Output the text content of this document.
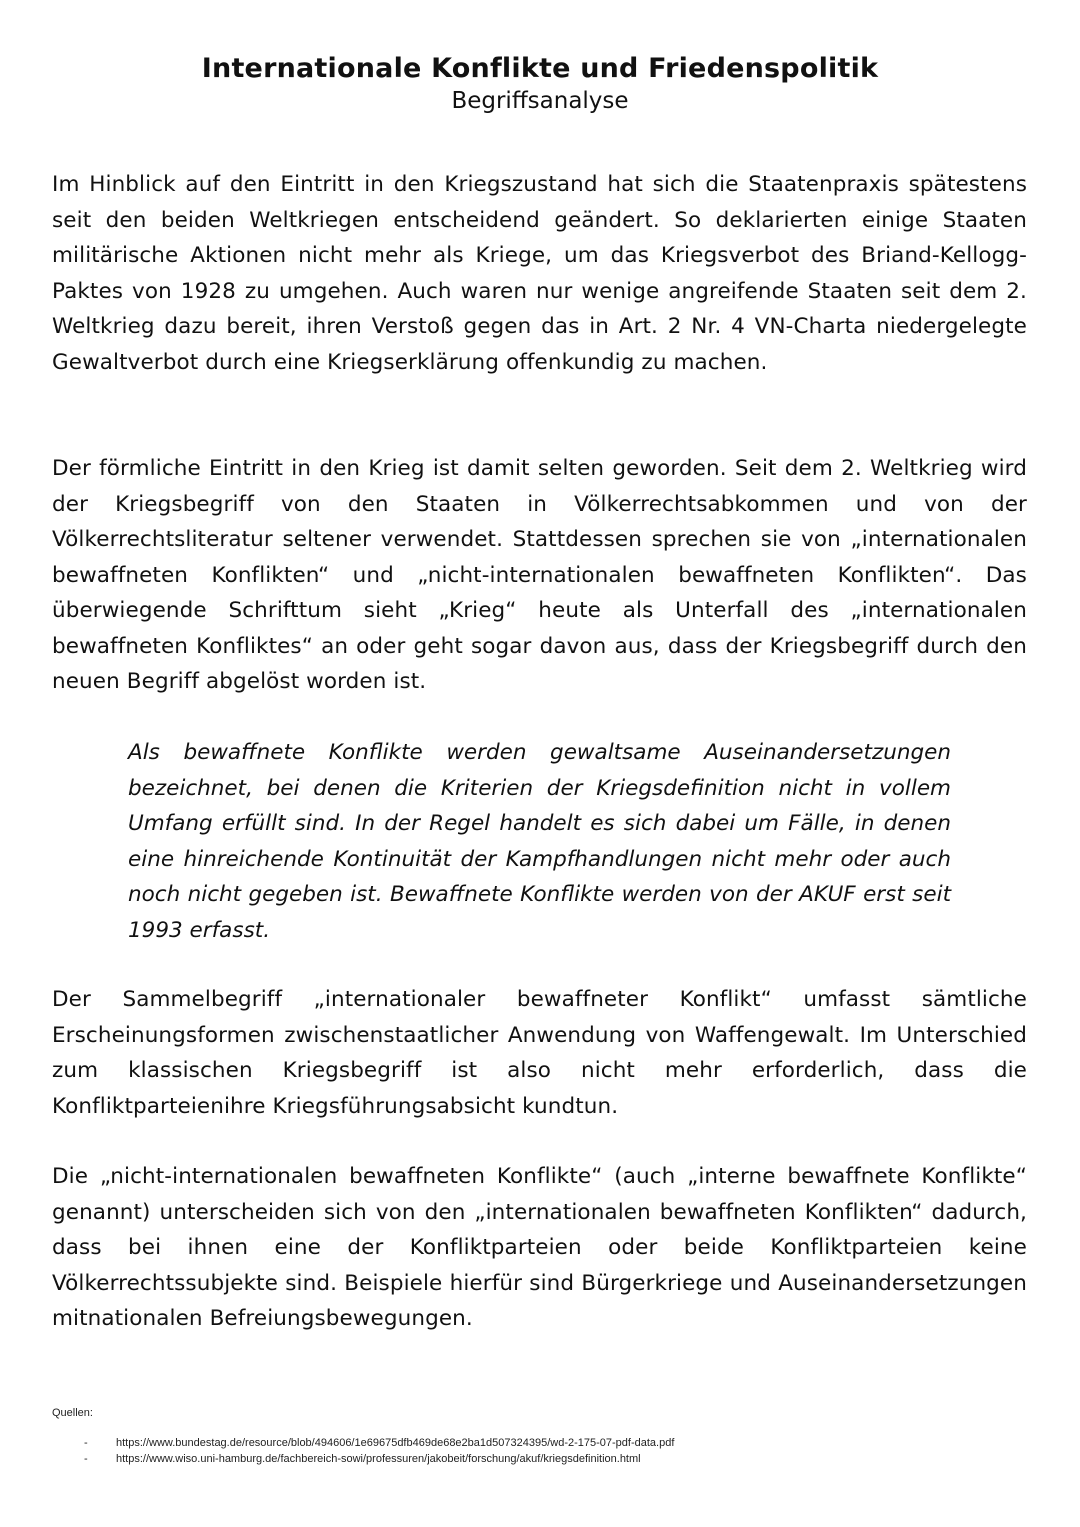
Internationale Konflikte und Friedenspolitik

Begriffsanalyse

Im Hinblick auf den Eintritt in den Kriegszustand hat sich die Staatenpraxis spätestens seit den beiden Weltkriegen entscheidend geändert. So deklarierten einige Staaten militärische Aktionen nicht mehr als Kriege, um das Kriegsverbot des Briand-Kellogg-Paktes von 1928 zu umgehen. Auch waren nur wenige angreifende Staaten seit dem 2. Weltkrieg dazu bereit, ihren Verstoß gegen das in Art. 2 Nr. 4 VN-Charta niedergelegte Gewaltverbot durch eine Kriegserklärung offenkundig zu machen.

Der förmliche Eintritt in den Krieg ist damit selten geworden. Seit dem 2. Weltkrieg wird der Kriegsbegriff von den Staaten in Völkerrechtsabkommen und von der Völkerrechtsliteratur seltener verwendet. Stattdessen sprechen sie von „internationalen bewaffneten Konflikten“ und „nicht-internationalen bewaffneten Konflikten“. Das überwiegende Schrifttum sieht „Krieg“ heute als Unterfall des „internationalen bewaffneten Konfliktes“ an oder geht sogar davon aus, dass der Kriegsbegriff durch den neuen Begriff abgelöst worden ist.

Als bewaffnete Konflikte werden gewaltsame Auseinandersetzungen bezeichnet, bei denen die Kriterien der Kriegsdefinition nicht in vollem Umfang erfüllt sind. In der Regel handelt es sich dabei um Fälle, in denen eine hinreichende Kontinuität der Kampfhandlungen nicht mehr oder auch noch nicht gegeben ist. Bewaffnete Konflikte werden von der AKUF erst seit 1993 erfasst.

Der Sammelbegriff „internationaler bewaffneter Konflikt“ umfasst sämtliche Erscheinungsformen zwischenstaatlicher Anwendung von Waffengewalt. Im Unterschied zum klassischen Kriegsbegriff ist also nicht mehr erforderlich, dass die Konfliktparteienihre Kriegsführungsabsicht kundtun.

Die „nicht-internationalen bewaffneten Konflikte“ (auch „interne bewaffnete Konflikte“ genannt) unterscheiden sich von den „internationalen bewaffneten Konflikten“ dadurch, dass bei ihnen eine der Konfliktparteien oder beide Konfliktparteien keine Völkerrechtssubjekte sind. Beispiele hierfür sind Bürgerkriege und Auseinandersetzungen mitnationalen Befreiungsbewegungen.

Quellen:

-	https://www.bundestag.de/resource/blob/494606/1e69675dfb469de68e2ba1d507324395/wd-2-175-07-pdf-data.pdf
-	https://www.wiso.uni-hamburg.de/fachbereich-sowi/professuren/jakobeit/forschung/akuf/kriegsdefinition.html
